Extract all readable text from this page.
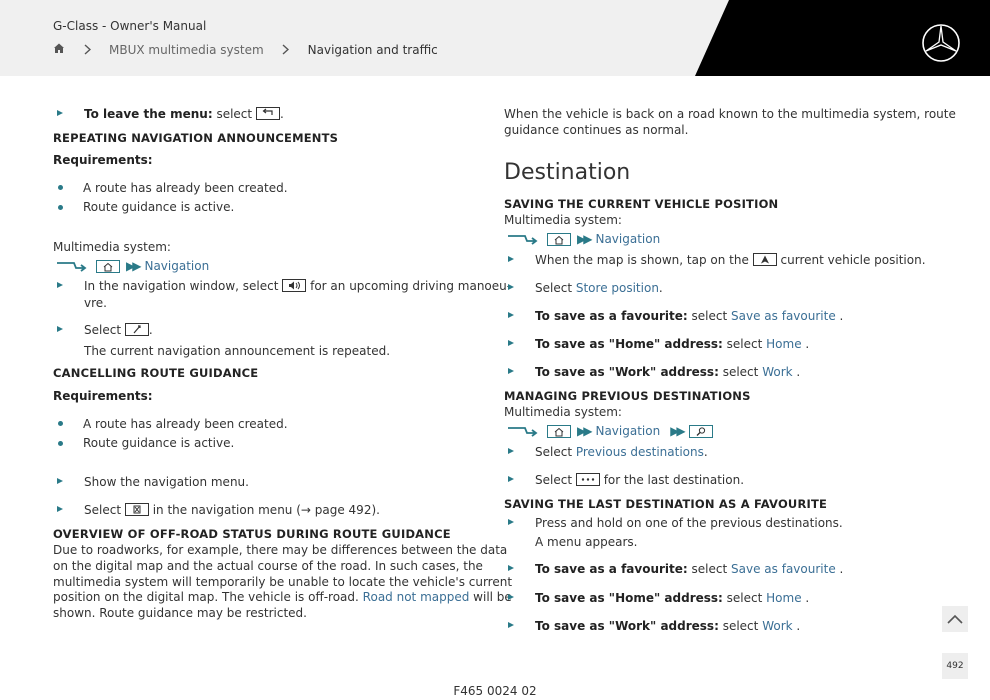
G-Class - Owner's Manual
MBUX multimedia system	Navigation and traffic
To leave the menu: select .
REPEATING NAVIGATION ANNOUNCEMENTS
Requirements:
A route has already been created.
Route guidance is active.
Multimedia system:
▶▶ Navigation
In the navigation window, select	for an upcoming driving manoeu-
vre.
Select .
The current navigation announcement is repeated.
CANCELLING ROUTE GUIDANCE
Requirements:
A route has already been created.
Route guidance is active.
Show the navigation menu.
Select	in the navigation menu (→ page 492).
OVERVIEW OF OFF-ROAD STATUS DURING ROUTE GUIDANCE
Due to roadworks, for example, there may be differences between the data
on the digital map and the actual course of the road. In such cases, the
multimedia system will temporarily be unable to locate the vehicle's current
position on the digital map. The vehicle is off-road. Road not mapped will be
shown. Route guidance may be restricted.
When the vehicle is back on a road known to the multimedia system, route
guidance continues as normal.
Destination
SAVING THE CURRENT VEHICLE POSITION
Multimedia system:
▶▶ Navigation
When the map is shown, tap on the	current vehicle position.
Select Store position.
To save as a favourite: select Save as favourite .
To save as "Home" address: select Home .
To save as "Work" address: select Work .
MANAGING PREVIOUS DESTINATIONS
Multimedia system:
▶▶ Navigation ▶▶
Select Previous destinations.
Select	for the last destination.
SAVING THE LAST DESTINATION AS A FAVOURITE
Press and hold on one of the previous destinations.
A menu appears.
To save as a favourite: select Save as favourite .
To save as "Home" address: select Home .
To save as "Work" address: select Work .
492
F465 0024 02
